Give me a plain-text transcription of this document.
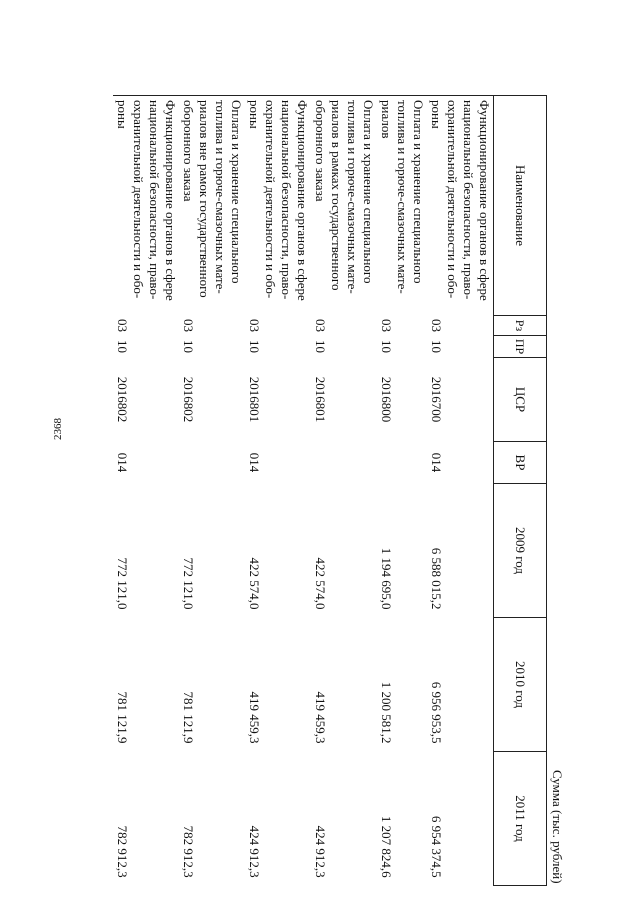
2368
Сумма (тыс. рублей)							
Наименование	Рз	ПР	ЦСР	ВР	2009 год	2010 год	2011 год
Функционирование органов в сфере национальной безопасности, право-охранительной деятельности и обо-роны	03	10	2016700	014	6 588 015,2	6 956 953,5	6 954 374,5
Оплата и хранение специального топлива и горюче-смазочных мате-риалов	03	10	2016800		1 194 695,0	1 200 581,2	1 207 824,6
Оплата и хранение специального топлива и горюче-смазочных мате-риалов в рамках государственного оборонного заказа	03	10	2016801		422 574,0	419 459,3	424 912,3
Функционирование органов в сфере национальной безопасности, право-охранительной деятельности и обо-роны	03	10	2016801	014	422 574,0	419 459,3	424 912,3
Оплата и хранение специального топлива и горюче-смазочных мате-риалов вне рамок государственного оборонного заказа	03	10	2016802		772 121,0	781 121,9	782 912,3
Функционирование органов в сфере национальной безопасности, право-охранительной деятельности и обо-роны	03	10	2016802	014	772 121,0	781 121,9	782 912,3
